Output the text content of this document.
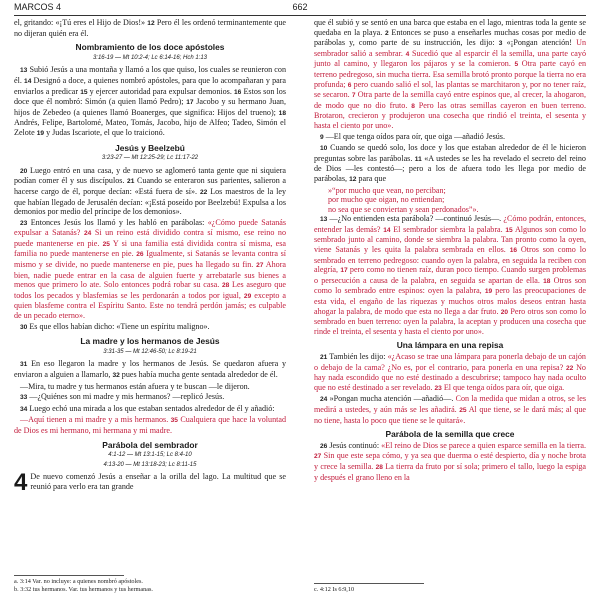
MARCOS 4	662

el, gritando: «¡Tú eres el Hijo de Dios!» 12 Pero él les ordenó terminantemente que no dijeran quién era él.

Nombramiento de los doce apóstoles
3:16-19 — Mt 10:2-4; Lc 6:14-16; Hch 1:13

13 Subió Jesús a una montaña y llamó a los que quiso, los cuales se reunieron con él. 14 Designó a doce, a quienes nombró apóstoles, para que lo acompañaran y para enviarlos a predicar 15 y ejercer autoridad para expulsar demonios. 16 Estos son los doce que él nombró: Simón (a quien llamó Pedro); 17 Jacobo y su hermano Juan, hijos de Zebedeo (a quienes llamó Boanerges, que significa: Hijos del trueno); 18 Andrés, Felipe, Bartolomé, Mateo, Tomás, Jacobo, hijo de Alfeo; Tadeo, Simón el Zelote 19 y Judas Iscariote, el que lo traicionó.

Jesús y Beelzebú
3:23-27 — Mt 12:25-29; Lc 11:17-22

20 Luego entró en una casa, y de nuevo se aglomeró tanta gente que ni siquiera podían comer él y sus discípulos. 21 Cuando se enteraron sus parientes, salieron a hacerse cargo de él, porque decían: «Está fuera de sí». 22 Los maestros de la ley que habían llegado de Jerusalén decían: «¡Está poseído por Beelzebú! Expulsa a los demonios por medio del príncipe de los demonios».

23 Entonces Jesús los llamó y les habló en parábolas: «¿Cómo puede Satanás expulsar a Satanás? 24 Si un reino está dividido contra sí mismo, ese reino no puede mantenerse en pie. 25 Y si una familia está dividida contra sí misma, esa familia no puede mantenerse en pie. 26 Igualmente, si Satanás se levanta contra sí mismo y se divide, no puede mantenerse en pie, pues ha llegado su fin. 27 Ahora bien, nadie puede entrar en la casa de alguien fuerte y arrebatarle sus bienes a menos que primero lo ate. Solo entonces podrá robar su casa. 28 Les aseguro que todos los pecados y blasfemias se les perdonarán a todos por igual, 29 excepto a quien blasfeme contra el Espíritu Santo. Este no tendrá perdón jamás; es culpable de un pecado eterno».

30 Es que ellos habían dicho: «Tiene un espíritu maligno».

La madre y los hermanos de Jesús
3:31-35 — Mt 12:46-50; Lc 8:19-21

31 En eso llegaron la madre y los hermanos de Jesús. Se quedaron afuera y enviaron a alguien a llamarlo, 32 pues había mucha gente sentada alrededor de él.

—Mira, tu madre y tus hermanos están afuera y te buscan —le dijeron.

33 —¿Quiénes son mi madre y mis hermanos? —replicó Jesús.

34 Luego echó una mirada a los que estaban sentados alrededor de él y añadió:

—Aquí tienen a mi madre y a mis hermanos. 35 Cualquiera que hace la voluntad de Dios es mi hermano, mi hermana y mi madre.

Parábola del sembrador
4:1-12 — Mt 13:1-15; Lc 8:4-10
4:13-20 — Mt 13:18-23; Lc 8:11-15

4 De nuevo comenzó Jesús a enseñar a la orilla del lago. La multitud que se reunió para verlo era tan grande

a. 3:14 Var. no incluye: a quienes nombró apóstoles.
b. 3:32 tus hermanos. Var. tus hermanos y tus hermanas.

que él subió y se sentó en una barca que estaba en el lago, mientras toda la gente se quedaba en la playa. 2 Entonces se puso a enseñarles muchas cosas por medio de parábolas y, como parte de su instrucción, les dijo: 3 «¡Pongan atención! Un sembrador salió a sembrar. 4 Sucedió que al esparcir él la semilla, una parte cayó junto al camino, y llegaron los pájaros y se la comieron. 5 Otra parte cayó en terreno pedregoso, sin mucha tierra. Esa semilla brotó pronto porque la tierra no era profunda; 6 pero cuando salió el sol, las plantas se marchitaron y, por no tener raíz, se secaron. 7 Otra parte de la semilla cayó entre espinos que, al crecer, la ahogaron, de modo que no dio fruto. 8 Pero las otras semillas cayeron en buen terreno. Brotaron, crecieron y produjeron una cosecha que rindió el treinta, el sesenta y hasta el ciento por uno».

9 —El que tenga oídos para oír, que oiga —añadió Jesús.

10 Cuando se quedó solo, los doce y los que estaban alrededor de él le hicieron preguntas sobre las parábolas. 11 «A ustedes se les ha revelado el secreto del reino de Dios —les contestó—; pero a los de afuera todo les llega por medio de parábolas, 12 para que

»“por mucho que vean, no perciban;
por mucho que oigan, no entiendan;
no sea que se conviertan y sean perdonados”».

13 —¿No entienden esta parábola? —continuó Jesús—. ¿Cómo podrán, entonces, entender las demás? 14 El sembrador siembra la palabra. 15 Algunos son como lo sembrado junto al camino, donde se siembra la palabra. Tan pronto como la oyen, viene Satanás y les quita la palabra sembrada en ellos. 16 Otros son como lo sembrado en terreno pedregoso: cuando oyen la palabra, en seguida la reciben con alegría, 17 pero como no tienen raíz, duran poco tiempo. Cuando surgen problemas o persecución a causa de la palabra, en seguida se apartan de ella. 18 Otros son como lo sembrado entre espinos: oyen la palabra, 19 pero las preocupaciones de esta vida, el engaño de las riquezas y muchos otros malos deseos entran hasta ahogar la palabra, de modo que esta no llega a dar fruto. 20 Pero otros son como lo sembrado en buen terreno: oyen la palabra, la aceptan y producen una cosecha que rinde el treinta, el sesenta y hasta el ciento por uno».

Una lámpara en una repisa

21 También les dijo: «¿Acaso se trae una lámpara para ponerla debajo de un cajón o debajo de la cama? ¿No es, por el contrario, para ponerla en una repisa? 22 No hay nada escondido que no esté destinado a descubrirse; tampoco hay nada oculto que no esté destinado a ser revelado. 23 El que tenga oídos para oír, que oiga.

24 »Pongan mucha atención —añadió—. Con la medida que midan a otros, se les medirá a ustedes, y aún más se les añadirá. 25 Al que tiene, se le dará más; al que no tiene, hasta lo poco que tiene se le quitará».

Parábola de la semilla que crece

26 Jesús continuó: «El reino de Dios se parece a quien esparce semilla en la tierra. 27 Sin que este sepa cómo, y ya sea que duerma o esté despierto, día y noche brota y crece la semilla. 28 La tierra da fruto por sí sola; primero el tallo, luego la espiga y después el grano lleno en la

c. 4:12 Is 6:9,10
